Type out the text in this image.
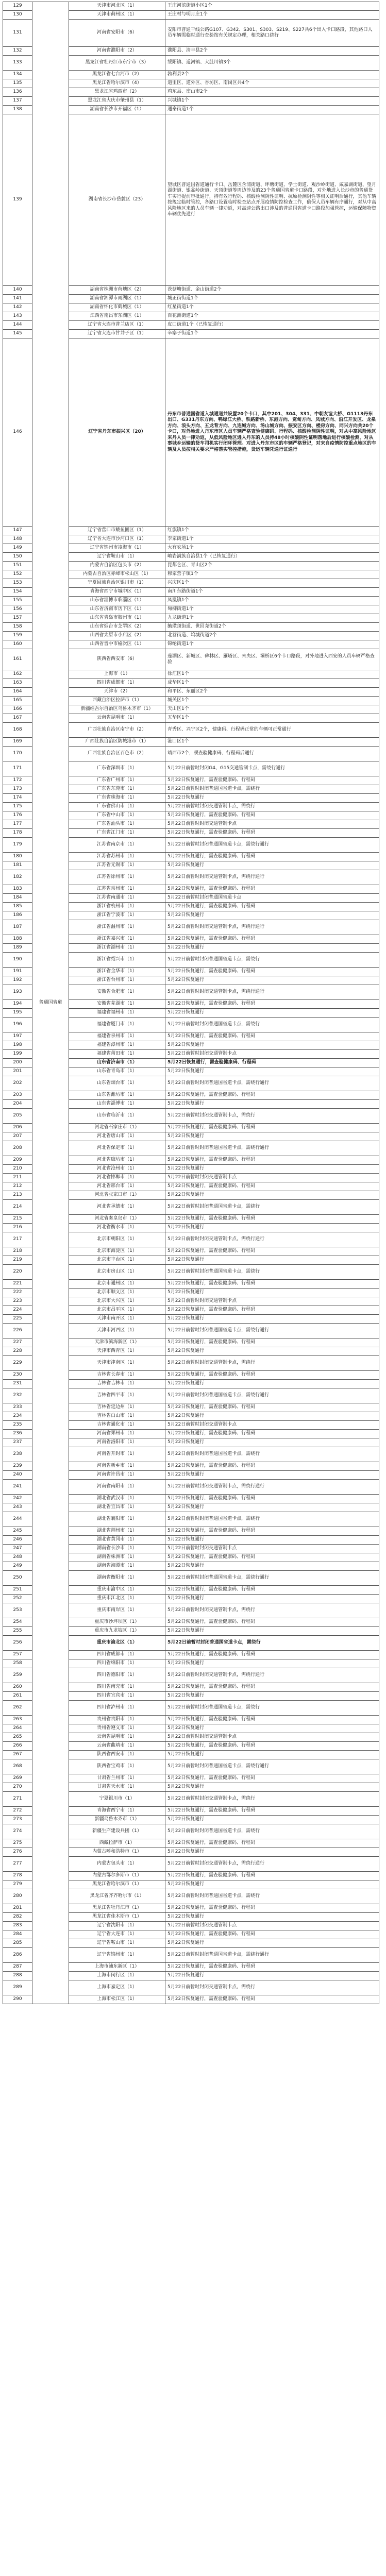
129	普通国省道	天津市河北区（1）	王庄河滨街道小区1个
130		天津市蓟州区（1）	王庄村与明月庄1个
131		河南省安阳市（6）	安阳市普通干线公路G107、G342、S301、S303、S219、S227共6个出入卡口路段，其他路口人员车辆需临时通行查验按有关规定办理，相关路口绕行
132		河南省濮阳市（2）	濮阳县、清丰县2个
133		黑龙江省牡丹江市东宁市（3）	绥阳镇、道河镇、大肚川镇3个
134		黑龙江省七台河市（2）	勃利县2个
135		黑龙江省哈尔滨市（4）	道里区、道外区、香坊区、南岗区共4个
136		黑龙江省鸡西市（2）	鸡东县、密山市2个
137		黑龙江省大庆市肇州县（1）	兴城镇1个
138		湖南省长沙市开福区（1）	通泰街道1个
139		湖南省长沙市岳麓区（23）	望城区普通国省道通行卡口、岳麓区含浦街道、坪塘街道、学士街道、观沙岭街道、咸嘉湖街道、望月湖街道、银盆岭街道、天顶街道等周边涉及的23个普通国省道卡口路段，对外地进入长沙市的普通货车实行提前审批通行，持有效行程码、核酸检测阴性证明、抗原检测阴性等相关证明后通行，其他车辆按规定临时管控，各路口设置临时检查站点开展疫情防控检查工作，确保人员车辆有序通行，对从中高风险地区来的人员车辆一律劝返，对高速公路出口涉及的普通国省道卡口路段加强管控，运输保障物资车辆优先通行
140		湖南省株洲市荷塘区（2）	茨菇塘街道、金山街道2个
141		湖南省湘潭市雨湖区（1）	城正街街道1个
142		湖南省怀化市鹤城区（1）	红星街道1个
143		江西省南昌市东湖区（1）	百花洲街道1个
144		辽宁省大连市普兰店区（1）	皮口街道1个（已恢复通行）
145		辽宁省大连市甘井子区（1）	辛寨子街道1个
146		辽宁省丹东市振兴区（20）	丹东市普通国省道入城通道共设置20个卡口，其中201、304、331、中朝友谊大桥、G1113丹东出口、G331丹东方向、鸭绿江大桥、铁路新桥、东港方向、宽甸方向、凤城方向、沿江开发区、龙泉方向、浪头方向、五龙背方向、九连城方向、汤山城方向、振安区方向、楼房方向、同兴方向共20个卡口，对外地进入丹东市区人员车辆严格查验健康码、行程码、核酸检测阴性证明，对从中高风险地区来丹人员一律劝返，从低风险地区进入丹东的人员持48小时核酸阴性证明落地后进行核酸检测，对从事城乡运输的货车司机实行闭环管理。对进入丹东市区的车辆严格登记，对来自疫情防控重点地区的车辆及人员按相关要求严格落实管控措施，货运车辆凭通行证通行
147		辽宁省营口市鲅鱼圈区（1）	红旗镇1个
148		辽宁省大连市沙河口区（1）	李家街道1个
149		辽宁省锦州市凌海市（1）	大有农场1个
150		辽宁省鞍山市（1）	岫岩满族自治县1个（已恢复通行）
151		内蒙古自治区包头市（2）	昆都仑区、青山区2个
152		内蒙古自治区赤峰市松山区（1）	穆家营子镇1个
153		宁夏回族自治区银川市（1）	兴庆区1个
154		青海省西宁市城中区（1）	南川东路街道1个
155		山东省淄博市临淄区（1）	凤凰镇1个
156		山东省济南市历下区（1）	甸柳街道1个
157		山东省青岛市胶州市（1）	九龙街道1个
158		山东省烟台市芝罘区（2）	毓璜顶街道、世回尧街道2个
159		山西省太原市小店区（2）	北营街道、坞城街道2个
160		山西省晋中市榆次区（1）	锦纶街道1个
161		陕西省西安市（6）	莲湖区、新城区、碑林区、雁塔区、未央区、灞桥区6个卡口路段，对外地进入西安的人员车辆严格查验
162		上海市（1）	徐汇区1个
163		四川省成都市（1）	成华区1个
164		天津市（2）	和平区、东丽区2个
165		西藏自治区拉萨市（1）	城关区1个
166		新疆维吾尔自治区乌鲁木齐市（1）	天山区1个
167		云南省昆明市（1）	五华区1个
168		广西壮族自治区南宁市（2）	青秀区、兴宁区2个，健康码、行程码正常的车辆可正常通行
169		广西壮族自治区防城港市（1）	港口区1个
170		广西壮族自治区百色市（2）	靖西市2个，须查验健康码、行程码后通行
171		广东省深圳市（1）	5月22日前暂时封闭G4、G15交通管制卡点，需绕行通行
172		广东省广州市（1）	5月22日恢复通行，需查验健康码、行程码
173		广东省东莞市（1）	5月22日前暂时封闭普通国省道卡点，需绕行
174		广东省珠海市（1）	5月22日恢复通行
175		广东省佛山市（1）	5月22日前暂时封闭交通管制卡点，需绕行
176		广东省中山市（1）	5月22日恢复通行，需查验健康码、行程码
177		广东省汕头市（1）	5月22日前暂时封闭交通管制卡点
178		广东省江门市（1）	5月22日恢复通行，需查验健康码、行程码
179		江苏省南京市（1）	5月22日前暂时封闭普通国省道卡点，需绕行通行
180		江苏省苏州市（1）	5月22日恢复通行，需查验健康码、行程码
181		江苏省无锡市（1）	5月22日恢复通行
182		江苏省徐州市（1）	5月22日前暂时封闭交通管制卡点，需绕行通行
183		江苏省常州市（1）	5月22日恢复通行，需查验健康码、行程码
184		江苏省南通市（1）	5月22日前暂时封闭普通国省道卡点
185		浙江省杭州市（1）	5月22日恢复通行，需查验健康码、行程码
186		浙江省宁波市（1）	5月22日恢复通行
187		浙江省温州市（1）	5月22日前暂时封闭交通管制卡点，需绕行通行
188		浙江省嘉兴市（1）	5月22日恢复通行，需查验健康码、行程码
189		浙江省湖州市（1）	5月22日恢复通行
190		浙江省绍兴市（1）	5月22日前暂时封闭普通国省道卡点，需绕行
191		浙江省金华市（1）	5月22日恢复通行，需查验健康码、行程码
192		浙江省台州市（1）	5月22日恢复通行
193		安徽省合肥市（1）	5月22日前暂时封闭交通管制卡点，需绕行通行
194		安徽省芜湖市（1）	5月22日恢复通行，需查验健康码、行程码
195		福建省福州市（1）	5月22日恢复通行
196		福建省厦门市（1）	5月22日前暂时封闭普通国省道卡点，需绕行
197		福建省泉州市（1）	5月22日恢复通行，需查验健康码、行程码
198		福建省漳州市（1）	5月22日恢复通行
199		福建省莆田市（1）	5月22日前暂时封闭交通管制卡点
200		山东省济南市（1）	5月22日恢复通行，需查验健康码、行程码
201		山东省青岛市（1）	5月22日恢复通行
202		山东省烟台市（1）	5月22日前暂时封闭普通国省道卡点，需绕行通行
203		山东省潍坊市（1）	5月22日恢复通行，需查验健康码、行程码
204		山东省淄博市（1）	5月22日恢复通行
205		山东省临沂市（1）	5月22日前暂时封闭交通管制卡点，需绕行
206		河北省石家庄市（1）	5月22日恢复通行，需查验健康码、行程码
207		河北省唐山市（1）	5月22日恢复通行
208		河北省保定市（1）	5月22日前暂时封闭普通国省道卡点，需绕行通行
209		河北省廊坊市（1）	5月22日恢复通行，需查验健康码、行程码
210		河北省沧州市（1）	5月22日恢复通行
211		河北省邯郸市（1）	5月22日前暂时封闭交通管制卡点
212		河北省邢台市（1）	5月22日恢复通行，需查验健康码、行程码
213		河北省张家口市（1）	5月22日恢复通行
214		河北省承德市（1）	5月22日前暂时封闭普通国省道卡点，需绕行
215		河北省秦皇岛市（1）	5月22日恢复通行，需查验健康码、行程码
216		河北省衡水市（1）	5月22日恢复通行
217		北京市朝阳区（1）	5月22日前暂时封闭交通管制卡点，需绕行通行
218		北京市海淀区（1）	5月22日恢复通行，需查验健康码、行程码
219		北京市丰台区（1）	5月22日恢复通行
220		北京市房山区（1）	5月22日前暂时封闭普通国省道卡点，需绕行
221		北京市通州区（1）	5月22日恢复通行，需查验健康码、行程码
222		北京市顺义区（1）	5月22日恢复通行
223		北京市大兴区（1）	5月22日前暂时封闭交通管制卡点
224		北京市昌平区（1）	5月22日恢复通行，需查验健康码、行程码
225		天津市南开区（1）	5月22日恢复通行
226		天津市河西区（1）	5月22日前暂时封闭普通国省道卡点，需绕行通行
227		天津市滨海新区（1）	5月22日恢复通行，需查验健康码、行程码
228		天津市西青区（1）	5月22日恢复通行
229		天津市津南区（1）	5月22日前暂时封闭交通管制卡点，需绕行
230		吉林省长春市（1）	5月22日恢复通行，需查验健康码、行程码
231		吉林省吉林市（1）	5月22日恢复通行
232		吉林省四平市（1）	5月22日前暂时封闭普通国省道卡点，需绕行通行
233		吉林省延边州（1）	5月22日恢复通行，需查验健康码、行程码
234		吉林省白山市（1）	5月22日恢复通行
235		吉林省通化市（1）	5月22日前暂时封闭交通管制卡点
236		河南省郑州市（1）	5月22日恢复通行，需查验健康码、行程码
237		河南省洛阳市（1）	5月22日恢复通行
238		河南省开封市（1）	5月22日前暂时封闭普通国省道卡点，需绕行
239		河南省新乡市（1）	5月22日恢复通行，需查验健康码、行程码
240		河南省许昌市（1）	5月22日恢复通行
241		河南省南阳市（1）	5月22日前暂时封闭交通管制卡点，需绕行通行
242		湖北省武汉市（1）	5月22日恢复通行，需查验健康码、行程码
243		湖北省宜昌市（1）	5月22日恢复通行
244		湖北省襄阳市（1）	5月22日前暂时封闭普通国省道卡点，需绕行
245		湖北省荆州市（1）	5月22日恢复通行，需查验健康码、行程码
246		湖北省黄冈市（1）	5月22日恢复通行
247		湖南省长沙市（1）	5月22日前暂时封闭交通管制卡点
248		湖南省株洲市（1）	5月22日恢复通行，需查验健康码、行程码
249		湖南省湘潭市（1）	5月22日恢复通行
250		湖南省衡阳市（1）	5月22日前暂时封闭普通国省道卡点，需绕行通行
251		重庆市渝中区（1）	5月22日恢复通行，需查验健康码、行程码
252		重庆市江北区（1）	5月22日恢复通行
253		重庆市南岸区（1）	5月22日前暂时封闭交通管制卡点，需绕行
254		重庆市沙坪坝区（1）	5月22日恢复通行，需查验健康码、行程码
255		重庆市九龙坡区（1）	5月22日恢复通行
256		重庆市渝北区（1）	5月22日前暂时封闭普通国省道卡点，需绕行
257		四川省成都市（1）	5月22日恢复通行，需查验健康码、行程码
258		四川省绵阳市（1）	5月22日恢复通行
259		四川省德阳市（1）	5月22日前暂时封闭交通管制卡点，需绕行通行
260		四川省南充市（1）	5月22日恢复通行，需查验健康码、行程码
261		四川省宜宾市（1）	5月22日恢复通行
262		四川省泸州市（1）	5月22日前暂时封闭普通国省道卡点，需绕行
263		贵州省贵阳市（1）	5月22日恢复通行，需查验健康码、行程码
264		贵州省遵义市（1）	5月22日恢复通行
265		云南省昆明市（1）	5月22日前暂时封闭交通管制卡点
266		云南省曲靖市（1）	5月22日恢复通行，需查验健康码、行程码
267		陕西省西安市（1）	5月22日恢复通行
268		陕西省宝鸡市（1）	5月22日前暂时封闭普通国省道卡点，需绕行通行
269		甘肃省兰州市（1）	5月22日恢复通行，需查验健康码、行程码
270		甘肃省天水市（1）	5月22日恢复通行
271		宁夏银川市（1）	5月22日前暂时封闭交通管制卡点，需绕行
272		青海省西宁市（1）	5月22日恢复通行，需查验健康码、行程码
273		新疆乌鲁木齐市（1）	5月22日恢复通行
274		新疆生产建设兵团（1）	5月22日前暂时封闭普通国省道卡点，需绕行
275		西藏拉萨市（1）	5月22日恢复通行，需查验健康码、行程码
276		内蒙古呼和浩特市（1）	5月22日恢复通行
277		内蒙古包头市（1）	5月22日前暂时封闭交通管制卡点，需绕行通行
278		内蒙古鄂尔多斯市（1）	5月22日恢复通行，需查验健康码、行程码
279		黑龙江省哈尔滨市（1）	5月22日恢复通行
280		黑龙江省齐齐哈尔市（1）	5月22日前暂时封闭普通国省道卡点，需绕行
281		黑龙江省牡丹江市（1）	5月22日恢复通行，需查验健康码、行程码
282		黑龙江省佳木斯市（1）	5月22日恢复通行
283		辽宁省沈阳市（1）	5月22日前暂时封闭交通管制卡点
284		辽宁省大连市（1）	5月22日恢复通行，需查验健康码、行程码
285		辽宁省鞍山市（1）	5月22日恢复通行
286		辽宁省锦州市（1）	5月22日前暂时封闭普通国省道卡点，需绕行通行
287		上海市浦东新区（1）	5月22日恢复通行，需查验健康码、行程码
288		上海市闵行区（1）	5月22日恢复通行
289		上海市嘉定区（1）	5月22日前暂时封闭交通管制卡点，需绕行
290		上海市松江区（1）	5月22日恢复通行，需查验健康码、行程码
